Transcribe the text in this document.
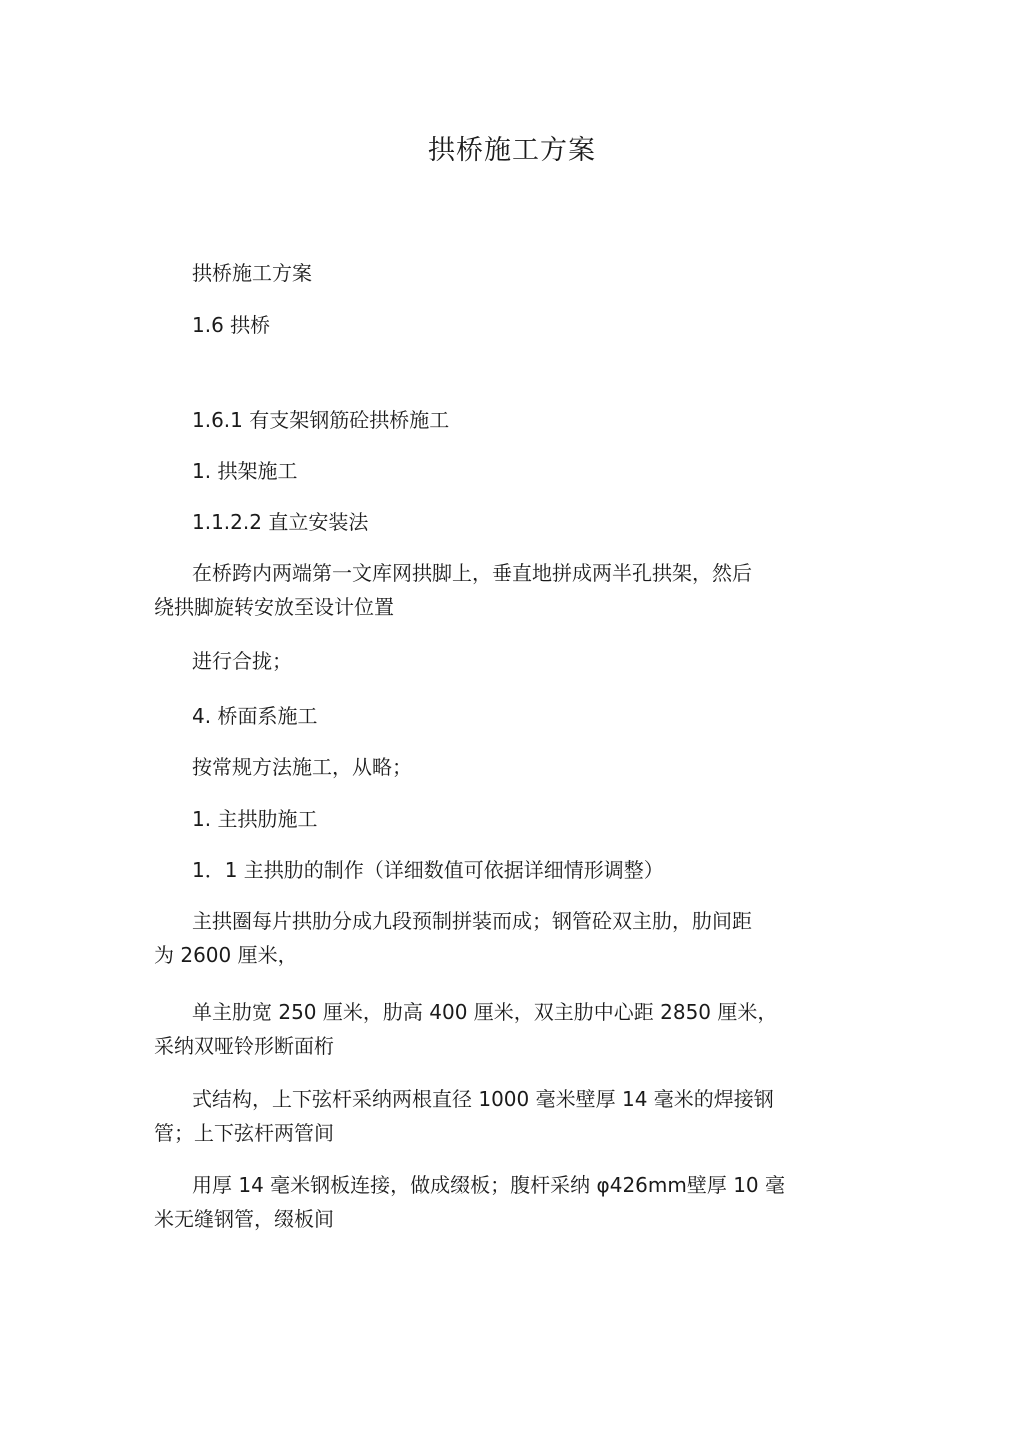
拱桥施工方案
拱桥施工方案
1.6 拱桥
1.6.1 有支架钢筋砼拱桥施工
1. 拱架施工
1.1.2.2 直立安装法
在桥跨内两端第一文库网拱脚上，垂直地拼成两半孔拱架，然后
绕拱脚旋转安放至设计位置
进行合拢；
4. 桥面系施工
按常规方法施工，从略；
1. 主拱肋施工
1．1 主拱肋的制作（详细数值可依据详细情形调整）
主拱圈每片拱肋分成九段预制拼装而成；钢管砼双主肋，肋间距
为 2600 厘米，
单主肋宽 250 厘米，肋高 400 厘米，双主肋中心距 2850 厘米，
采纳双哑铃形断面桁
式结构，上下弦杆采纳两根直径 1000 毫米壁厚 14 毫米的焊接钢
管；上下弦杆两管间
用厚 14 毫米钢板连接，做成缀板；腹杆采纳 φ426mm壁厚 10 毫
米无缝钢管，缀板间
